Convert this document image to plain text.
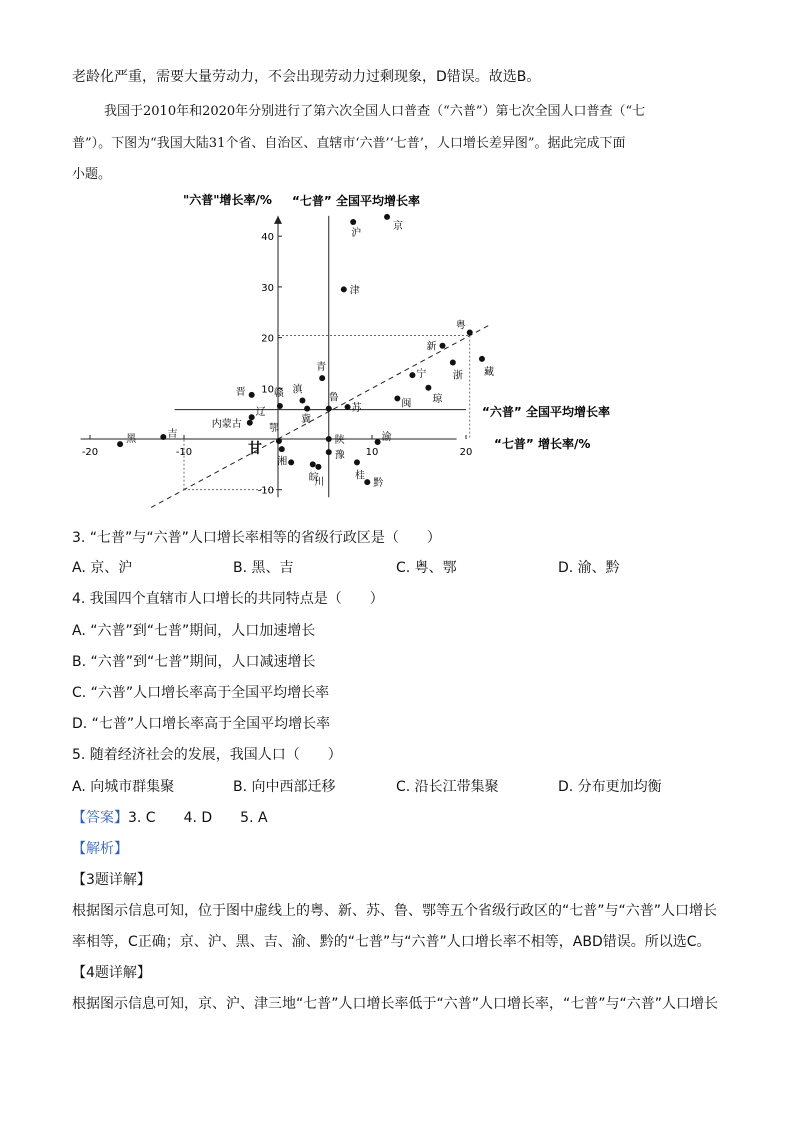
老龄化严重，需要大量劳动力，不会出现劳动力过剩现象，D错误。故选B。
我国于2010年和2020年分别进行了第六次全国人口普查（“六普”）第七次全国人口普查（“七
普”）。下图为“我国大陆31个省、自治区、直辖市‘六普’‘七普’，人口增长差异图”。据此完成下面
小题。
-20	-10	10	20
-10
10
20
30
40
京
沪
津
粤
新
藏
浙
宁
青
琼
晋
闽
滇
赣	鲁
冀
苏
辽
内蒙古
吉
黑
鄂
陕	渝
甘	豫
湘
皖	桂
川	黔
"六普"增长率/% “七普” 全国平均增长率
“六普” 全国平均增长率
“七普” 增长率/%
3. “七普”与“六普”人口增长率相等的省级行政区是（　　）
A. 京、沪	B. 黑、吉	C. 粤、鄂	D. 渝、黔
4. 我国四个直辖市人口增长的共同特点是（　　）
A. “六普”到“七普”期间，人口加速增长
B. “六普”到“七普”期间，人口减速增长
C. “六普”人口增长率高于全国平均增长率
D. “七普”人口增长率高于全国平均增长率
5. 随着经济社会的发展，我国人口（　　）
A. 向城市群集聚	B. 向中西部迁移	C. 沿长江带集聚	D. 分布更加均衡
【答案】3. C　　4. D　　5. A
【解析】
【3题详解】
根据图示信息可知，位于图中虚线上的粤、新、苏、鲁、鄂等五个省级行政区的“七普”与“六普”人口增长
率相等，C正确；京、沪、黑、吉、渝、黔的“七普”与“六普”人口增长率不相等，ABD错误。所以选C。
【4题详解】
根据图示信息可知，京、沪、津三地“七普”人口增长率低于“六普”人口增长率，“七普”与“六普”人口增长
